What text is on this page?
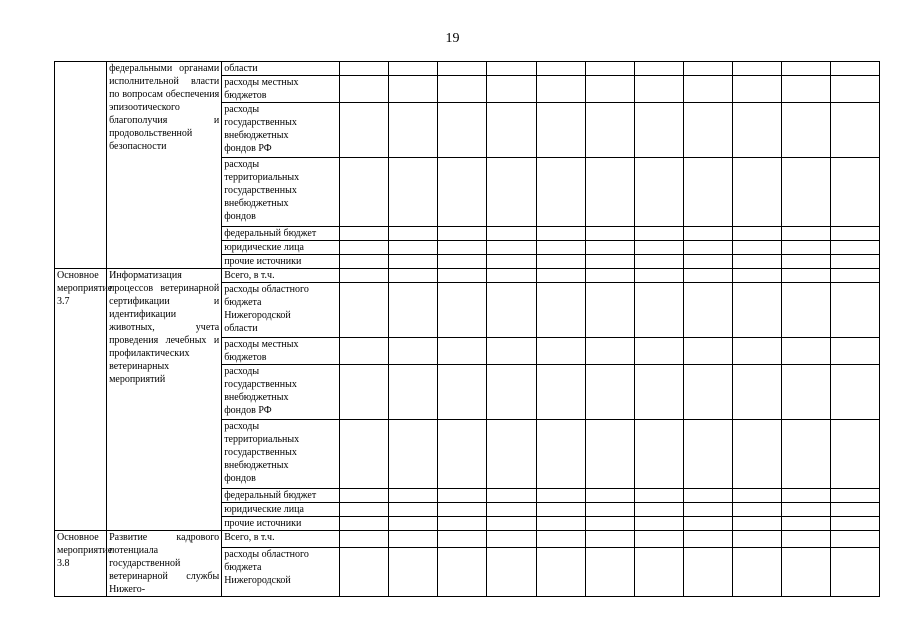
19
	федеральными органами исполнительной власти по вопросам обеспечения эпизоотического благополучия и продовольственной безопасности	области											
		расходы местных
бюджетов											
		расходы
государственных
внебюджетных
фондов РФ											
		расходы
территориальных
государственных
внебюджетных
фондов											
		федеральный бюджет											
		юридические лица											
		прочие источники											
Основное мероприятие 3.7	Информатизация процессов ветеринарной сертификации и идентификации животных, учета проведения лечебных и профилактических ветеринарных мероприятий	Всего, в т.ч.											
		расходы областного
бюджета
Нижегородской
области											
		расходы местных
бюджетов											
		расходы
государственных
внебюджетных
фондов РФ											
		расходы
территориальных
государственных
внебюджетных
фондов											
		федеральный бюджет											
		юридические лица											
		прочие источники											
Основное мероприятие 3.8	Развитие кадрового потенциала государственной ветеринарной службы Нижего-	Всего, в т.ч.											
		расходы областного
бюджета
Нижегородской											
